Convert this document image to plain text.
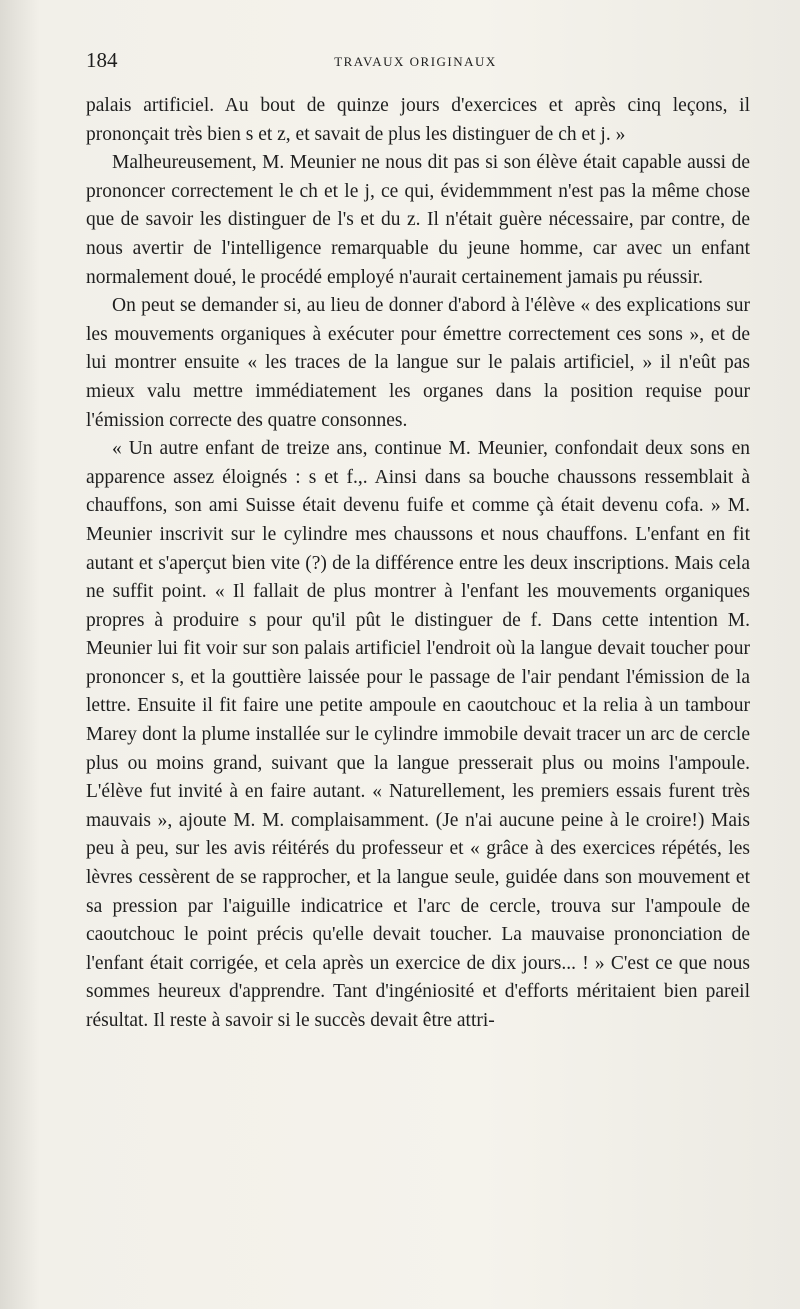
184	TRAVAUX ORIGINAUX

palais artificiel. Au bout de quinze jours d'exercices et après cinq leçons, il prononçait très bien s et z, et savait de plus les distinguer de ch et j. »

Malheureusement, M. Meunier ne nous dit pas si son élève était capable aussi de prononcer correctement le ch et le j, ce qui, évidemmment n'est pas la même chose que de savoir les distinguer de l's et du z. Il n'était guère nécessaire, par contre, de nous avertir de l'intelligence remarquable du jeune homme, car avec un enfant normalement doué, le procédé employé n'aurait certainement jamais pu réussir.

On peut se demander si, au lieu de donner d'abord à l'élève « des explications sur les mouvements organiques à exécuter pour émettre correctement ces sons », et de lui montrer ensuite « les traces de la langue sur le palais artificiel, » il n'eût pas mieux valu mettre immédiatement les organes dans la position requise pour l'émission correcte des quatre consonnes.

« Un autre enfant de treize ans, continue M. Meunier, confondait deux sons en apparence assez éloignés : s et f.,. Ainsi dans sa bouche chaussons ressemblait à chauffons, son ami Suisse était devenu fuife et comme çà était devenu cofa. » M. Meunier inscrivit sur le cylindre mes chaussons et nous chauffons. L'enfant en fit autant et s'aperçut bien vite (?) de la différence entre les deux inscriptions. Mais cela ne suffit point. « Il fallait de plus montrer à l'enfant les mouvements organiques propres à produire s pour qu'il pût le distinguer de f. Dans cette intention M. Meunier lui fit voir sur son palais artificiel l'endroit où la langue devait toucher pour prononcer s, et la gouttière laissée pour le passage de l'air pendant l'émission de la lettre. Ensuite il fit faire une petite ampoule en caoutchouc et la relia à un tambour Marey dont la plume installée sur le cylindre immobile devait tracer un arc de cercle plus ou moins grand, suivant que la langue presserait plus ou moins l'ampoule. L'élève fut invité à en faire autant. « Naturellement, les premiers essais furent très mauvais », ajoute M. M. complaisamment. (Je n'ai aucune peine à le croire!) Mais peu à peu, sur les avis réitérés du professeur et « grâce à des exercices répétés, les lèvres cessèrent de se rapprocher, et la langue seule, guidée dans son mouvement et sa pression par l'aiguille indicatrice et l'arc de cercle, trouva sur l'ampoule de caoutchouc le point précis qu'elle devait toucher. La mauvaise prononciation de l'enfant était corrigée, et cela après un exercice de dix jours... ! » C'est ce que nous sommes heureux d'apprendre. Tant d'ingéniosité et d'efforts méritaient bien pareil résultat. Il reste à savoir si le succès devait être attri-
